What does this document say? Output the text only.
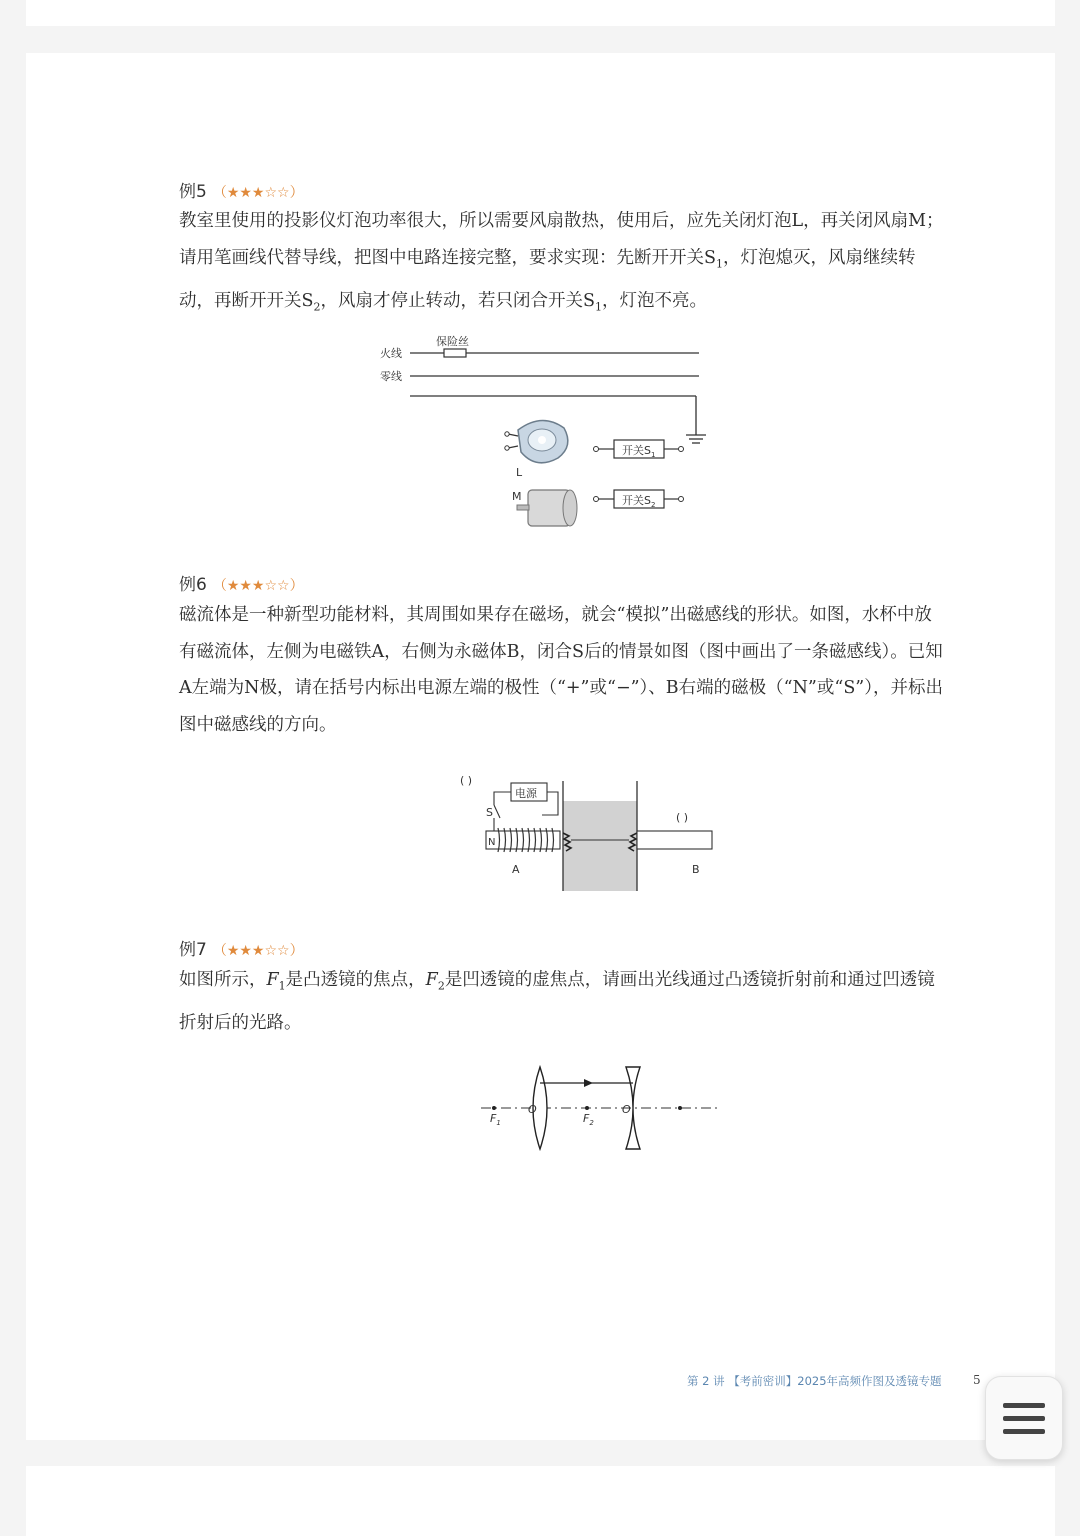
例5 （★★★☆☆）

教室里使用的投影仪灯泡功率很大，所以需要风扇散热，使用后，应先关闭灯泡L，再关闭风扇M；请用笔画线代替导线，把图中电路连接完整，要求实现：先断开开关$S_1$，灯泡熄灭，风扇继续转动，再断开开关$S_2$，风扇才停止转动，若只闭合开关$S_1$，灯泡不亮。

火线
零线
保险丝
L
开关$S_1$
M	开关$S_2$
例6 （★★★☆☆）

磁流体是一种新型功能材料，其周围如果存在磁场，就会“模拟”出磁感线的形状。如图，水杯中放有磁流体，左侧为电磁铁A，右侧为永磁体B，闭合S后的情景如图（图中画出了一条磁感线）。已知A左端为N极，请在括号内标出电源左端的极性（“+”或“−”）、B右端的磁极（“N”或“S”），并标出图中磁感线的方向。

( )
( )
电源
S
N
A	B
例7 （★★★☆☆）

如图所示，$F_1$是凸透镜的焦点，$F_2$是凹透镜的虚焦点，请画出光线通过凸透镜折射前和通过凹透镜折射后的光路。

$F_1$
O
$F_2$
O
第 2 讲 【考前密训】2025年高频作图及透镜专题	5
